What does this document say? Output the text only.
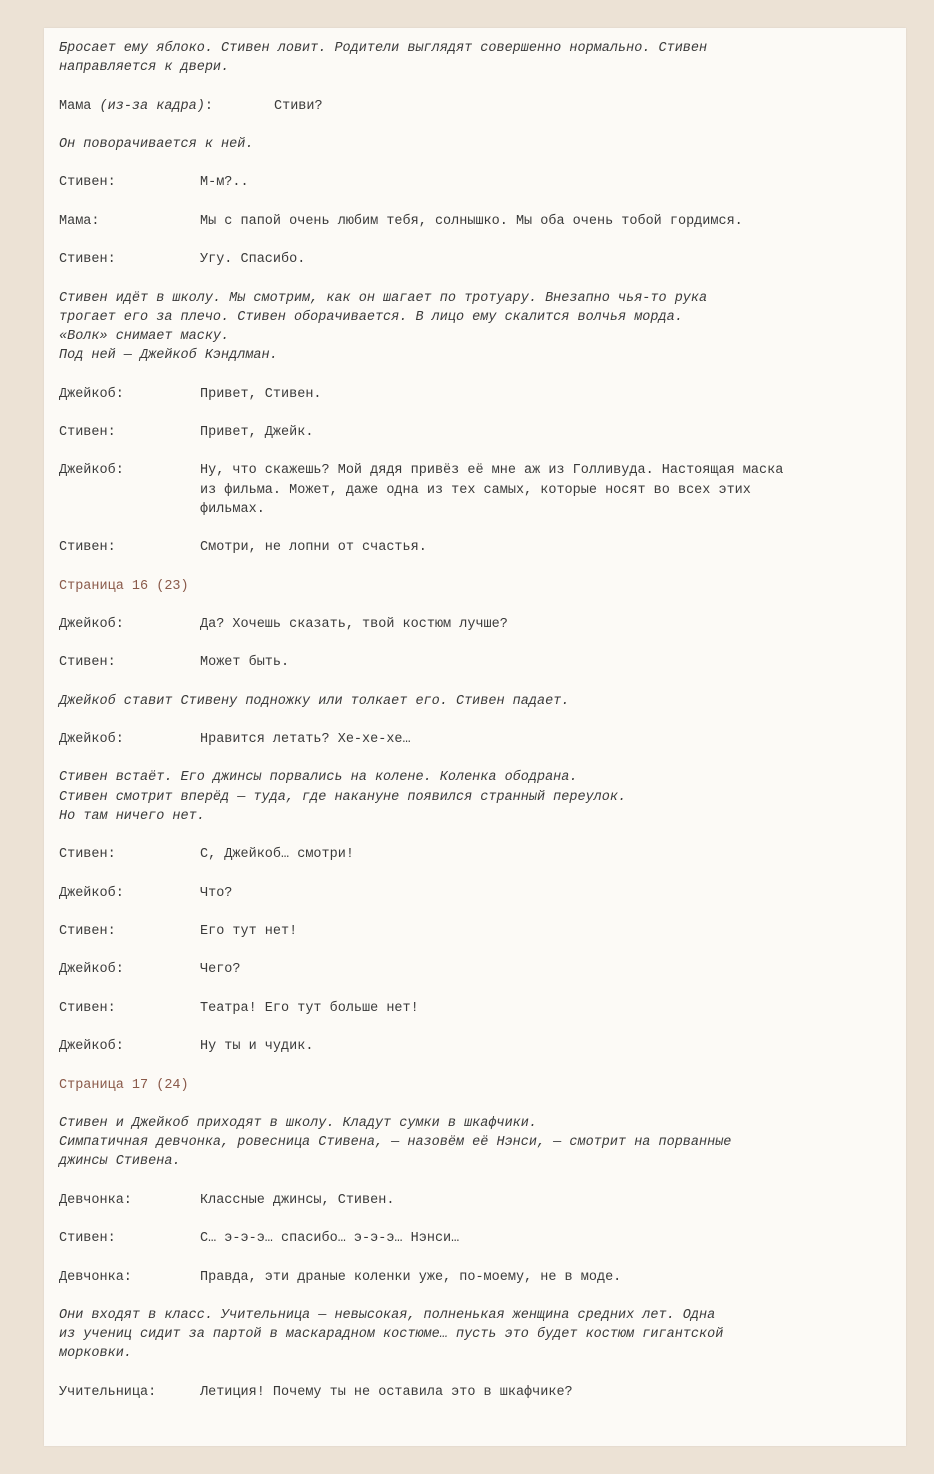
Бросает ему яблоко. Стивен ловит. Родители выглядят совершенно нормально. Стивен
направляется к двери.
Мама (из-за кадра):	Стиви?
Он поворачивается к ней.
Стивен:	М-м?..
Мама:	Мы с папой очень любим тебя, солнышко. Мы оба очень тобой гордимся.
Стивен:	Угу. Спасибо.
Стивен идёт в школу. Мы смотрим, как он шагает по тротуару. Внезапно чья-то рука
трогает его за плечо. Стивен оборачивается. В лицо ему скалится волчья морда.
«Волк» снимает маску.
Под ней — Джейкоб Кэндлман.
Джейкоб:	Привет, Стивен.
Стивен:	Привет, Джейк.
Джейкоб:	Ну, что скажешь? Мой дядя привёз её мне аж из Голливуда. Настоящая маска
из фильма. Может, даже одна из тех самых, которые носят во всех этих
фильмах.
Стивен:	Смотри, не лопни от счастья.
Страница 16 (23)
Джейкоб:	Да? Хочешь сказать, твой костюм лучше?
Стивен:	Может быть.
Джейкоб ставит Стивену подножку или толкает его. Стивен падает.
Джейкоб:	Нравится летать? Хе-хе-хе…
Стивен встаёт. Его джинсы порвались на колене. Коленка ободрана.
Стивен смотрит вперёд — туда, где накануне появился странный переулок.
Но там ничего нет.
Стивен:	С, Джейкоб… смотри!
Джейкоб:	Что?
Стивен:	Его тут нет!
Джейкоб:	Чего?
Стивен:	Театра! Его тут больше нет!
Джейкоб:	Ну ты и чудик.
Страница 17 (24)
Стивен и Джейкоб приходят в школу. Кладут сумки в шкафчики.
Симпатичная девчонка, ровесница Стивена, — назовём её Нэнси, — смотрит на порванные
джинсы Стивена.
Девчонка:	Классные джинсы, Стивен.
Стивен:	С… э-э-э… спасибо… э-э-э… Нэнси…
Девчонка:	Правда, эти драные коленки уже, по-моему, не в моде.
Они входят в класс. Учительница — невысокая, полненькая женщина средних лет. Одна
из учениц сидит за партой в маскарадном костюме… пусть это будет костюм гигантской
морковки.
Учительница:	Летиция! Почему ты не оставила это в шкафчике?
